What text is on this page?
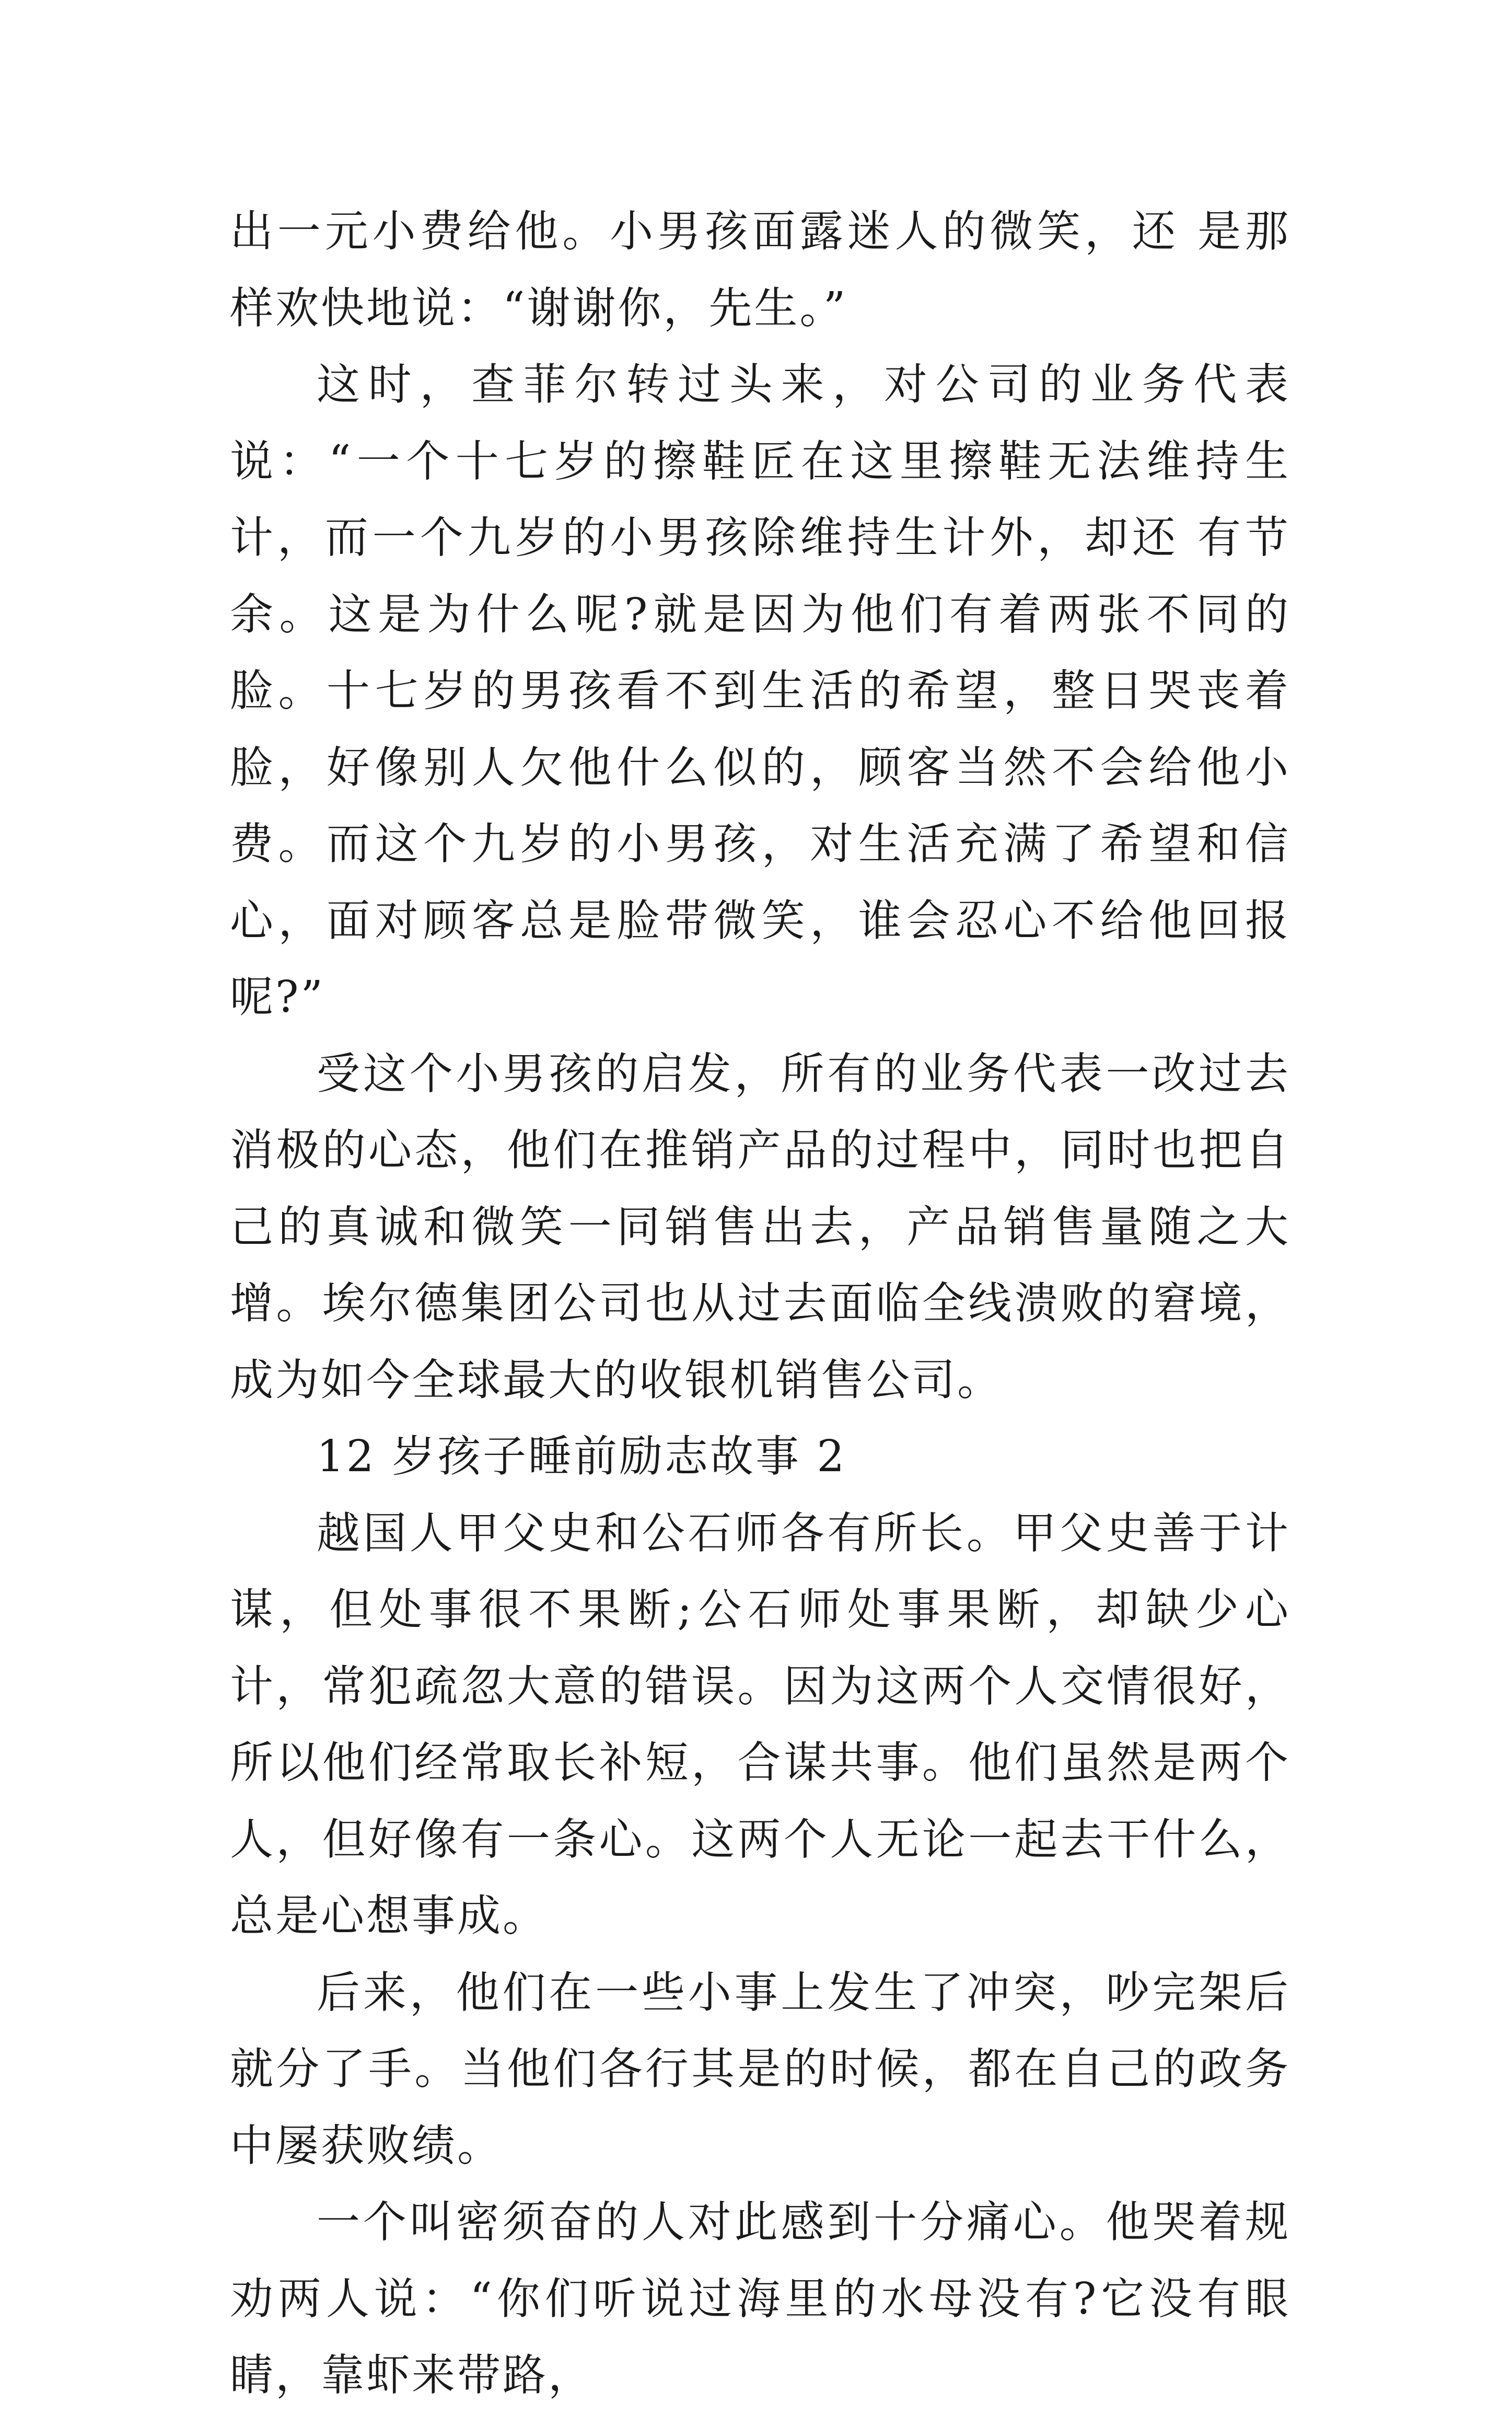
出一元小费给他。小男孩面露迷人的微笑，还 是那样欢快地说：“谢谢你，先生。”

这时，查菲尔转过头来，对公司的业务代表说：“一个十七岁的擦鞋匠在这里擦鞋无法维持生计，而一个九岁的小男孩除维持生计外，却还 有节余。这是为什么呢?就是因为他们有着两张不同的脸。十七岁的男孩看不到生活的希望，整日哭丧着脸，好像别人欠他什么似的，顾客当然不会给他小费。而这个九岁的小男孩，对生活充满了希望和信心，面对顾客总是脸带微笑，谁会忍心不给他回报呢?”

受这个小男孩的启发，所有的业务代表一改过去消极的心态，他们在推销产品的过程中，同时也把自己的真诚和微笑一同销售出去，产品销售量随之大增。埃尔德集团公司也从过去面临全线溃败的窘境，成为如今全球最大的收银机销售公司。

12 岁孩子睡前励志故事 2

越国人甲父史和公石师各有所长。甲父史善于计谋，但处事很不果断;公石师处事果断，却缺少心计，常犯疏忽大意的错误。因为这两个人交情很好，所以他们经常取长补短，合谋共事。他们虽然是两个人，但好像有一条心。这两个人无论一起去干什么，总是心想事成。

后来，他们在一些小事上发生了冲突，吵完架后就分了手。当他们各行其是的时候，都在自己的政务中屡获败绩。

一个叫密须奋的人对此感到十分痛心。他哭着规劝两人说：“你们听说过海里的水母没有?它没有眼睛，靠虾来带路，
